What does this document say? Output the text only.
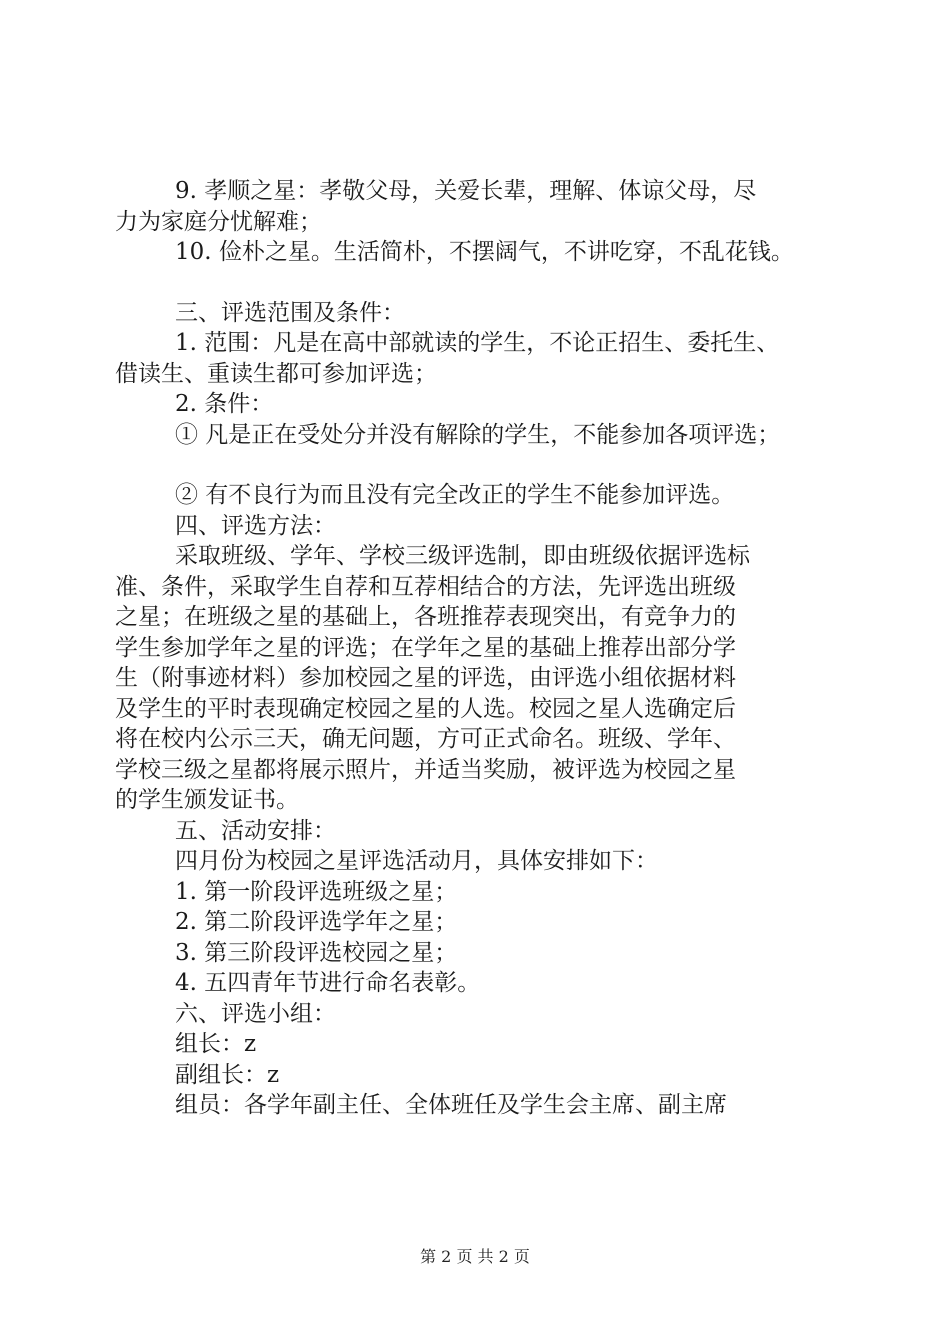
9. 孝顺之星：孝敬父母，关爱长辈，理解、体谅父母，尽

力为家庭分忧解难；

10. 俭朴之星。生活简朴，不摆阔气，不讲吃穿，不乱花钱。

三、评选范围及条件：

1. 范围：凡是在高中部就读的学生，不论正招生、委托生、

借读生、重读生都可参加评选；

2. 条件：

① 凡是正在受处分并没有解除的学生，不能参加各项评选；

② 有不良行为而且没有完全改正的学生不能参加评选。

四、评选方法：

采取班级、学年、学校三级评选制，即由班级依据评选标

准、条件，采取学生自荐和互荐相结合的方法，先评选出班级

之星；在班级之星的基础上，各班推荐表现突出，有竞争力的

学生参加学年之星的评选；在学年之星的基础上推荐出部分学

生（附事迹材料）参加校园之星的评选，由评选小组依据材料

及学生的平时表现确定校园之星的人选。校园之星人选确定后

将在校内公示三天，确无问题，方可正式命名。班级、学年、

学校三级之星都将展示照片，并适当奖励，被评选为校园之星

的学生颁发证书。

五、活动安排：

四月份为校园之星评选活动月，具体安排如下：

1. 第一阶段评选班级之星；

2. 第二阶段评选学年之星；

3. 第三阶段评选校园之星；

4. 五四青年节进行命名表彰。

六、评选小组：

组长：z

副组长：z

组员：各学年副主任、全体班任及学生会主席、副主席

第 2 页 共 2 页
